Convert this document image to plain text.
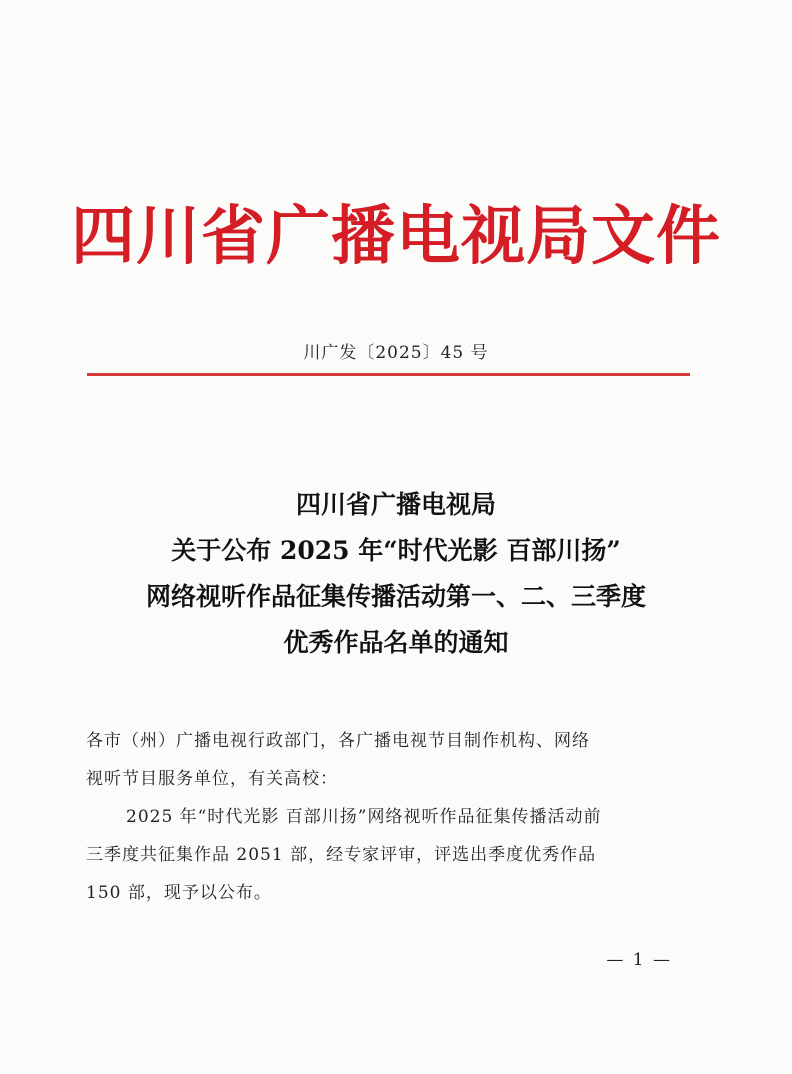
四川省广播电视局文件
川广发〔2025〕45 号
四川省广播电视局
关于公布 2025 年“时代光影 百部川扬”
网络视听作品征集传播活动第一、二、三季度
优秀作品名单的通知
各市（州）广播电视行政部门，各广播电视节目制作机构、网络
视听节目服务单位，有关高校：
2025 年“时代光影 百部川扬”网络视听作品征集传播活动前
三季度共征集作品 2051 部，经专家评审，评选出季度优秀作品
150 部，现予以公布。
— 1 —
